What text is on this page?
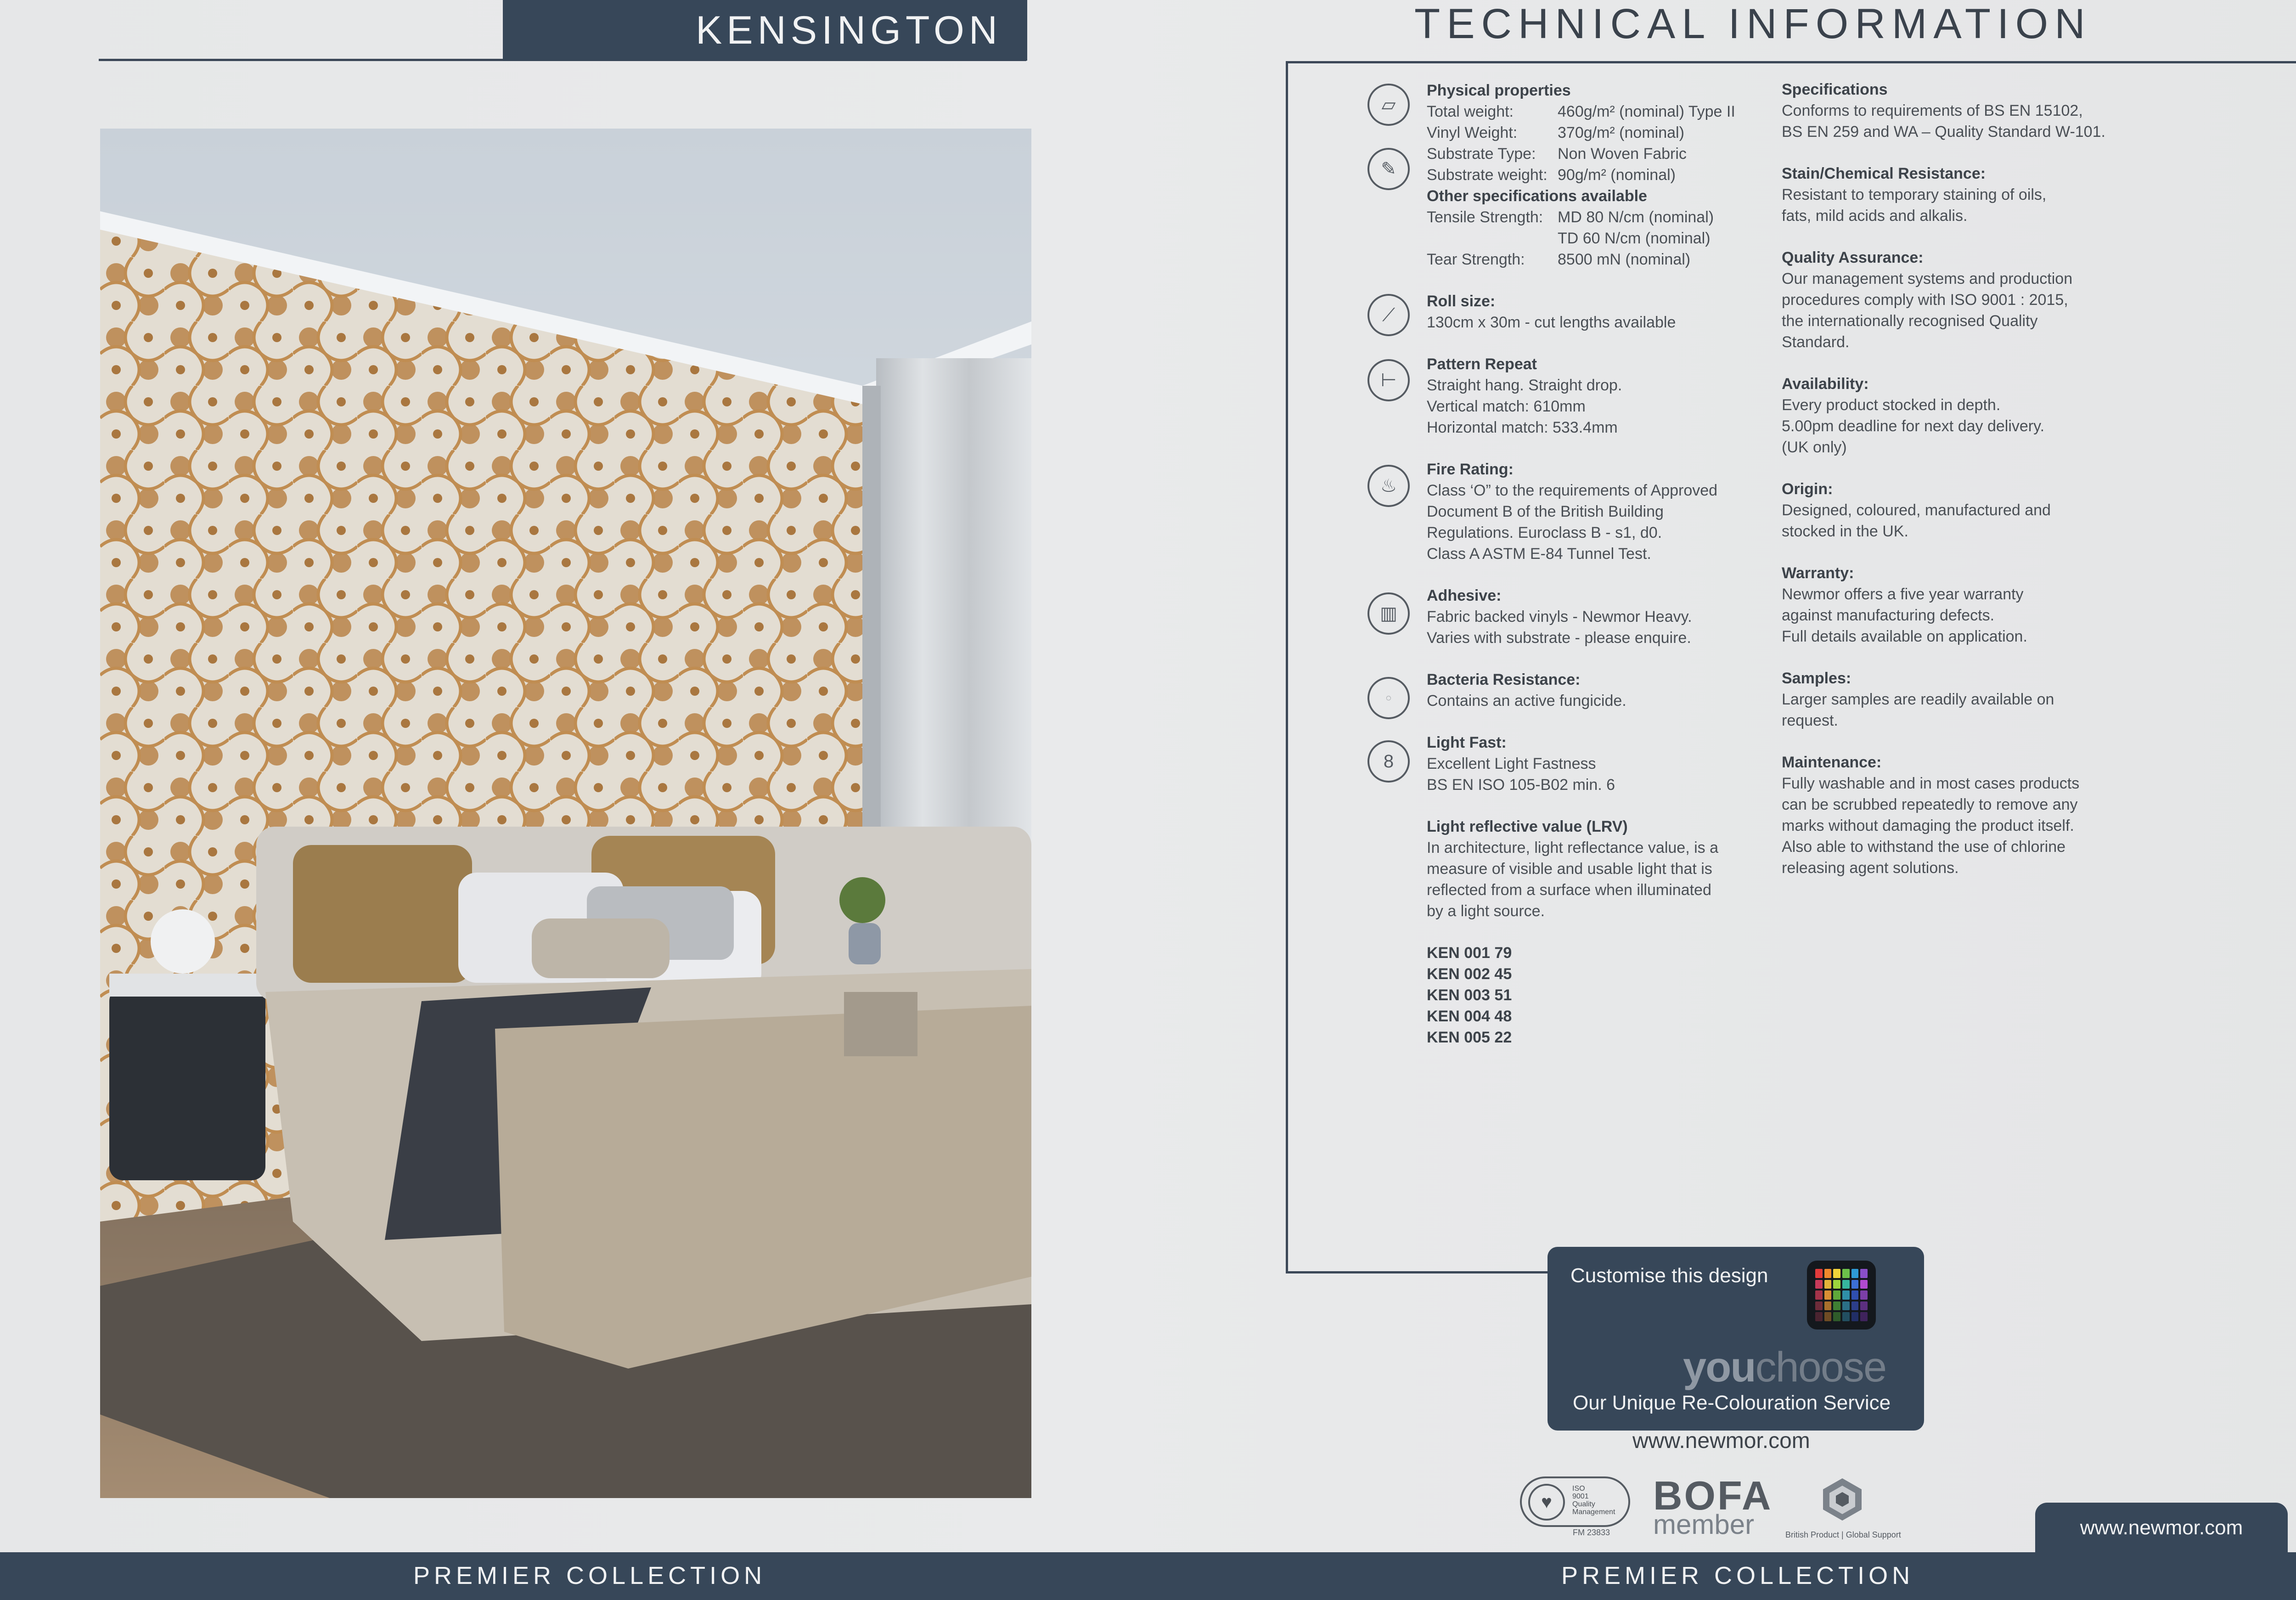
KENSINGTON	TECHNICAL INFORMATION
▱
✎
⟋
⊢
♨
▥
◌
8
Physical properties
Total weight:	460g/m² (nominal) Type II
Vinyl Weight:	370g/m² (nominal)
Substrate Type:	Non Woven Fabric
Substrate weight: 90g/m² (nominal)
Other specifications available
Tensile Strength: MD 80 N/cm (nominal)
TD 60 N/cm (nominal)
Tear Strength:	8500 mN (nominal)
Roll size:
130cm x 30m - cut lengths available
Pattern Repeat
Straight hang. Straight drop.
Vertical match: 610mm
Horizontal match: 533.4mm
Fire Rating:
Class ‘O” to the requirements of Approved
Document B of the British Building
Regulations. Euroclass B - s1, d0.
Class A ASTM E-84 Tunnel Test.
Adhesive:
Fabric backed vinyls - Newmor Heavy.
Varies with substrate - please enquire.
Bacteria Resistance:
Contains an active fungicide.
Light Fast:
Excellent Light Fastness
BS EN ISO 105-B02 min. 6
Light reflective value (LRV)
In architecture, light reflectance value, is a
measure of visible and usable light that is
reflected from a surface when illuminated
by a light source.
KEN 001 79
KEN 002 45
KEN 003 51
KEN 004 48
KEN 005 22
Specifications
Conforms to requirements of BS EN 15102,
BS EN 259 and WA – Quality Standard W-101.
Stain/Chemical Resistance:
Resistant to temporary staining of oils,
fats, mild acids and alkalis.
Quality Assurance:
Our management systems and production
procedures comply with ISO 9001 : 2015,
the internationally recognised Quality
Standard.
Availability:
Every product stocked in depth.
5.00pm deadline for next day delivery.
(UK only)
Origin:
Designed, coloured, manufactured and
stocked in the UK.
Warranty:
Newmor offers a five year warranty
against manufacturing defects.
Full details available on application.
Samples:
Larger samples are readily available on
request.
Maintenance:
Fully washable and in most cases products
can be scrubbed repeatedly to remove any
marks without damaging the product itself.
Also able to withstand the use of chlorine
releasing agent solutions.
Customise this design
youchoose
Our Unique Re-Colouration Service
www.newmor.com
♥
ISO
9001
Quality
Management
FM 23833
BOFA
member	British Product | Global Support	www.newmor.com
PREMIER COLLECTION	PREMIER COLLECTION
